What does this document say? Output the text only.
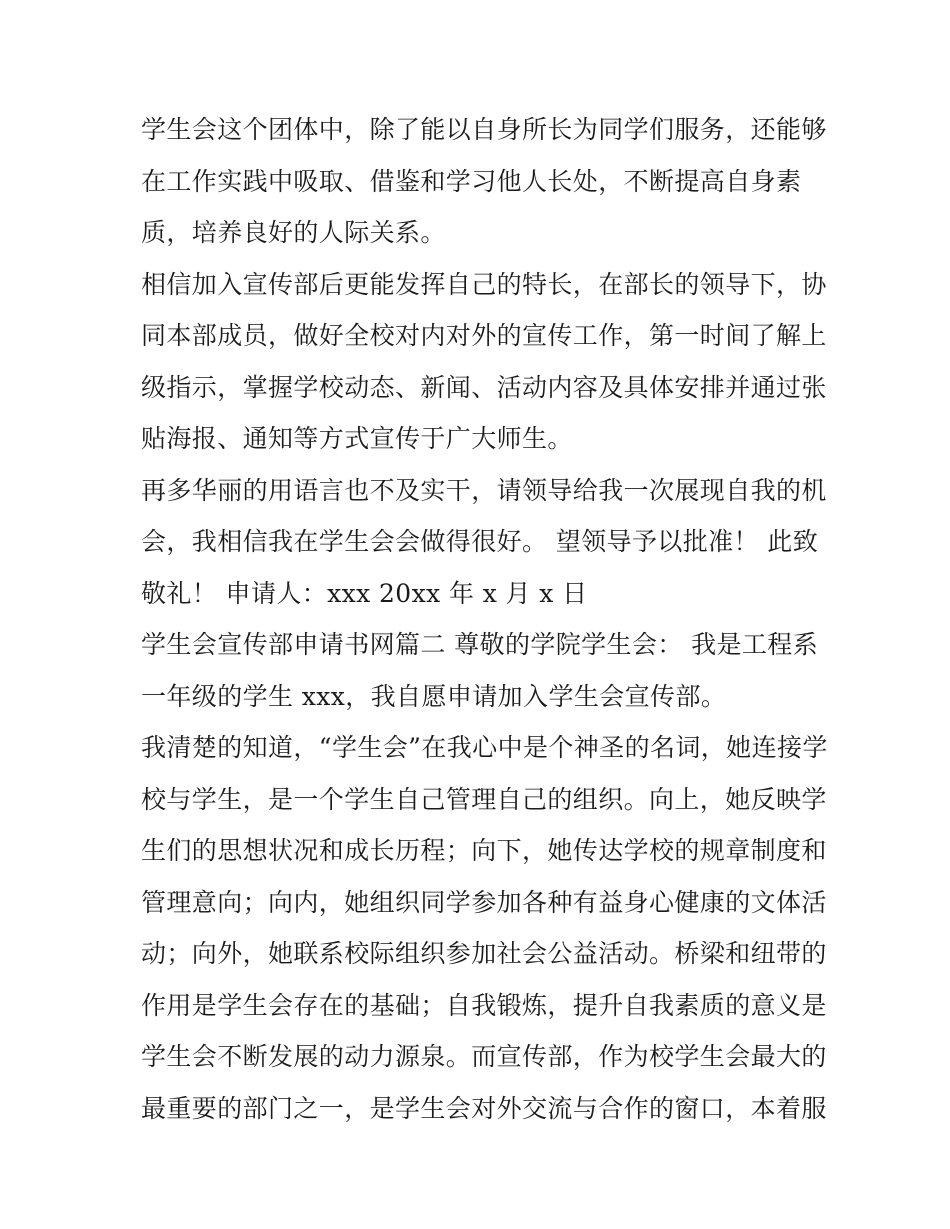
学生会这个团体中，除了能以自身所长为同学们服务，还能够
在工作实践中吸取、借鉴和学习他人长处，不断提高自身素
质，培养良好的人际关系。
相信加入宣传部后更能发挥自己的特长，在部长的领导下，协
同本部成员，做好全校对内对外的宣传工作，第一时间了解上
级指示，掌握学校动态、新闻、活动内容及具体安排并通过张
贴海报、通知等方式宣传于广大师生。
再多华丽的用语言也不及实干，请领导给我一次展现自我的机
会，我相信我在学生会会做得很好。 望领导予以批准！ 此致
敬礼！ 申请人：xxx 20xx 年 x 月 x 日
学生会宣传部申请书网篇二 尊敬的学院学生会： 我是工程系
一年级的学生 xxx，我自愿申请加入学生会宣传部。
我清楚的知道，“学生会”在我心中是个神圣的名词，她连接学
校与学生，是一个学生自己管理自己的组织。向上，她反映学
生们的思想状况和成长历程；向下，她传达学校的规章制度和
管理意向；向内，她组织同学参加各种有益身心健康的文体活
动；向外，她联系校际组织参加社会公益活动。桥梁和纽带的
作用是学生会存在的基础；自我锻炼，提升自我素质的意义是
学生会不断发展的动力源泉。而宣传部，作为校学生会最大的
最重要的部门之一，是学生会对外交流与合作的窗口，本着服
